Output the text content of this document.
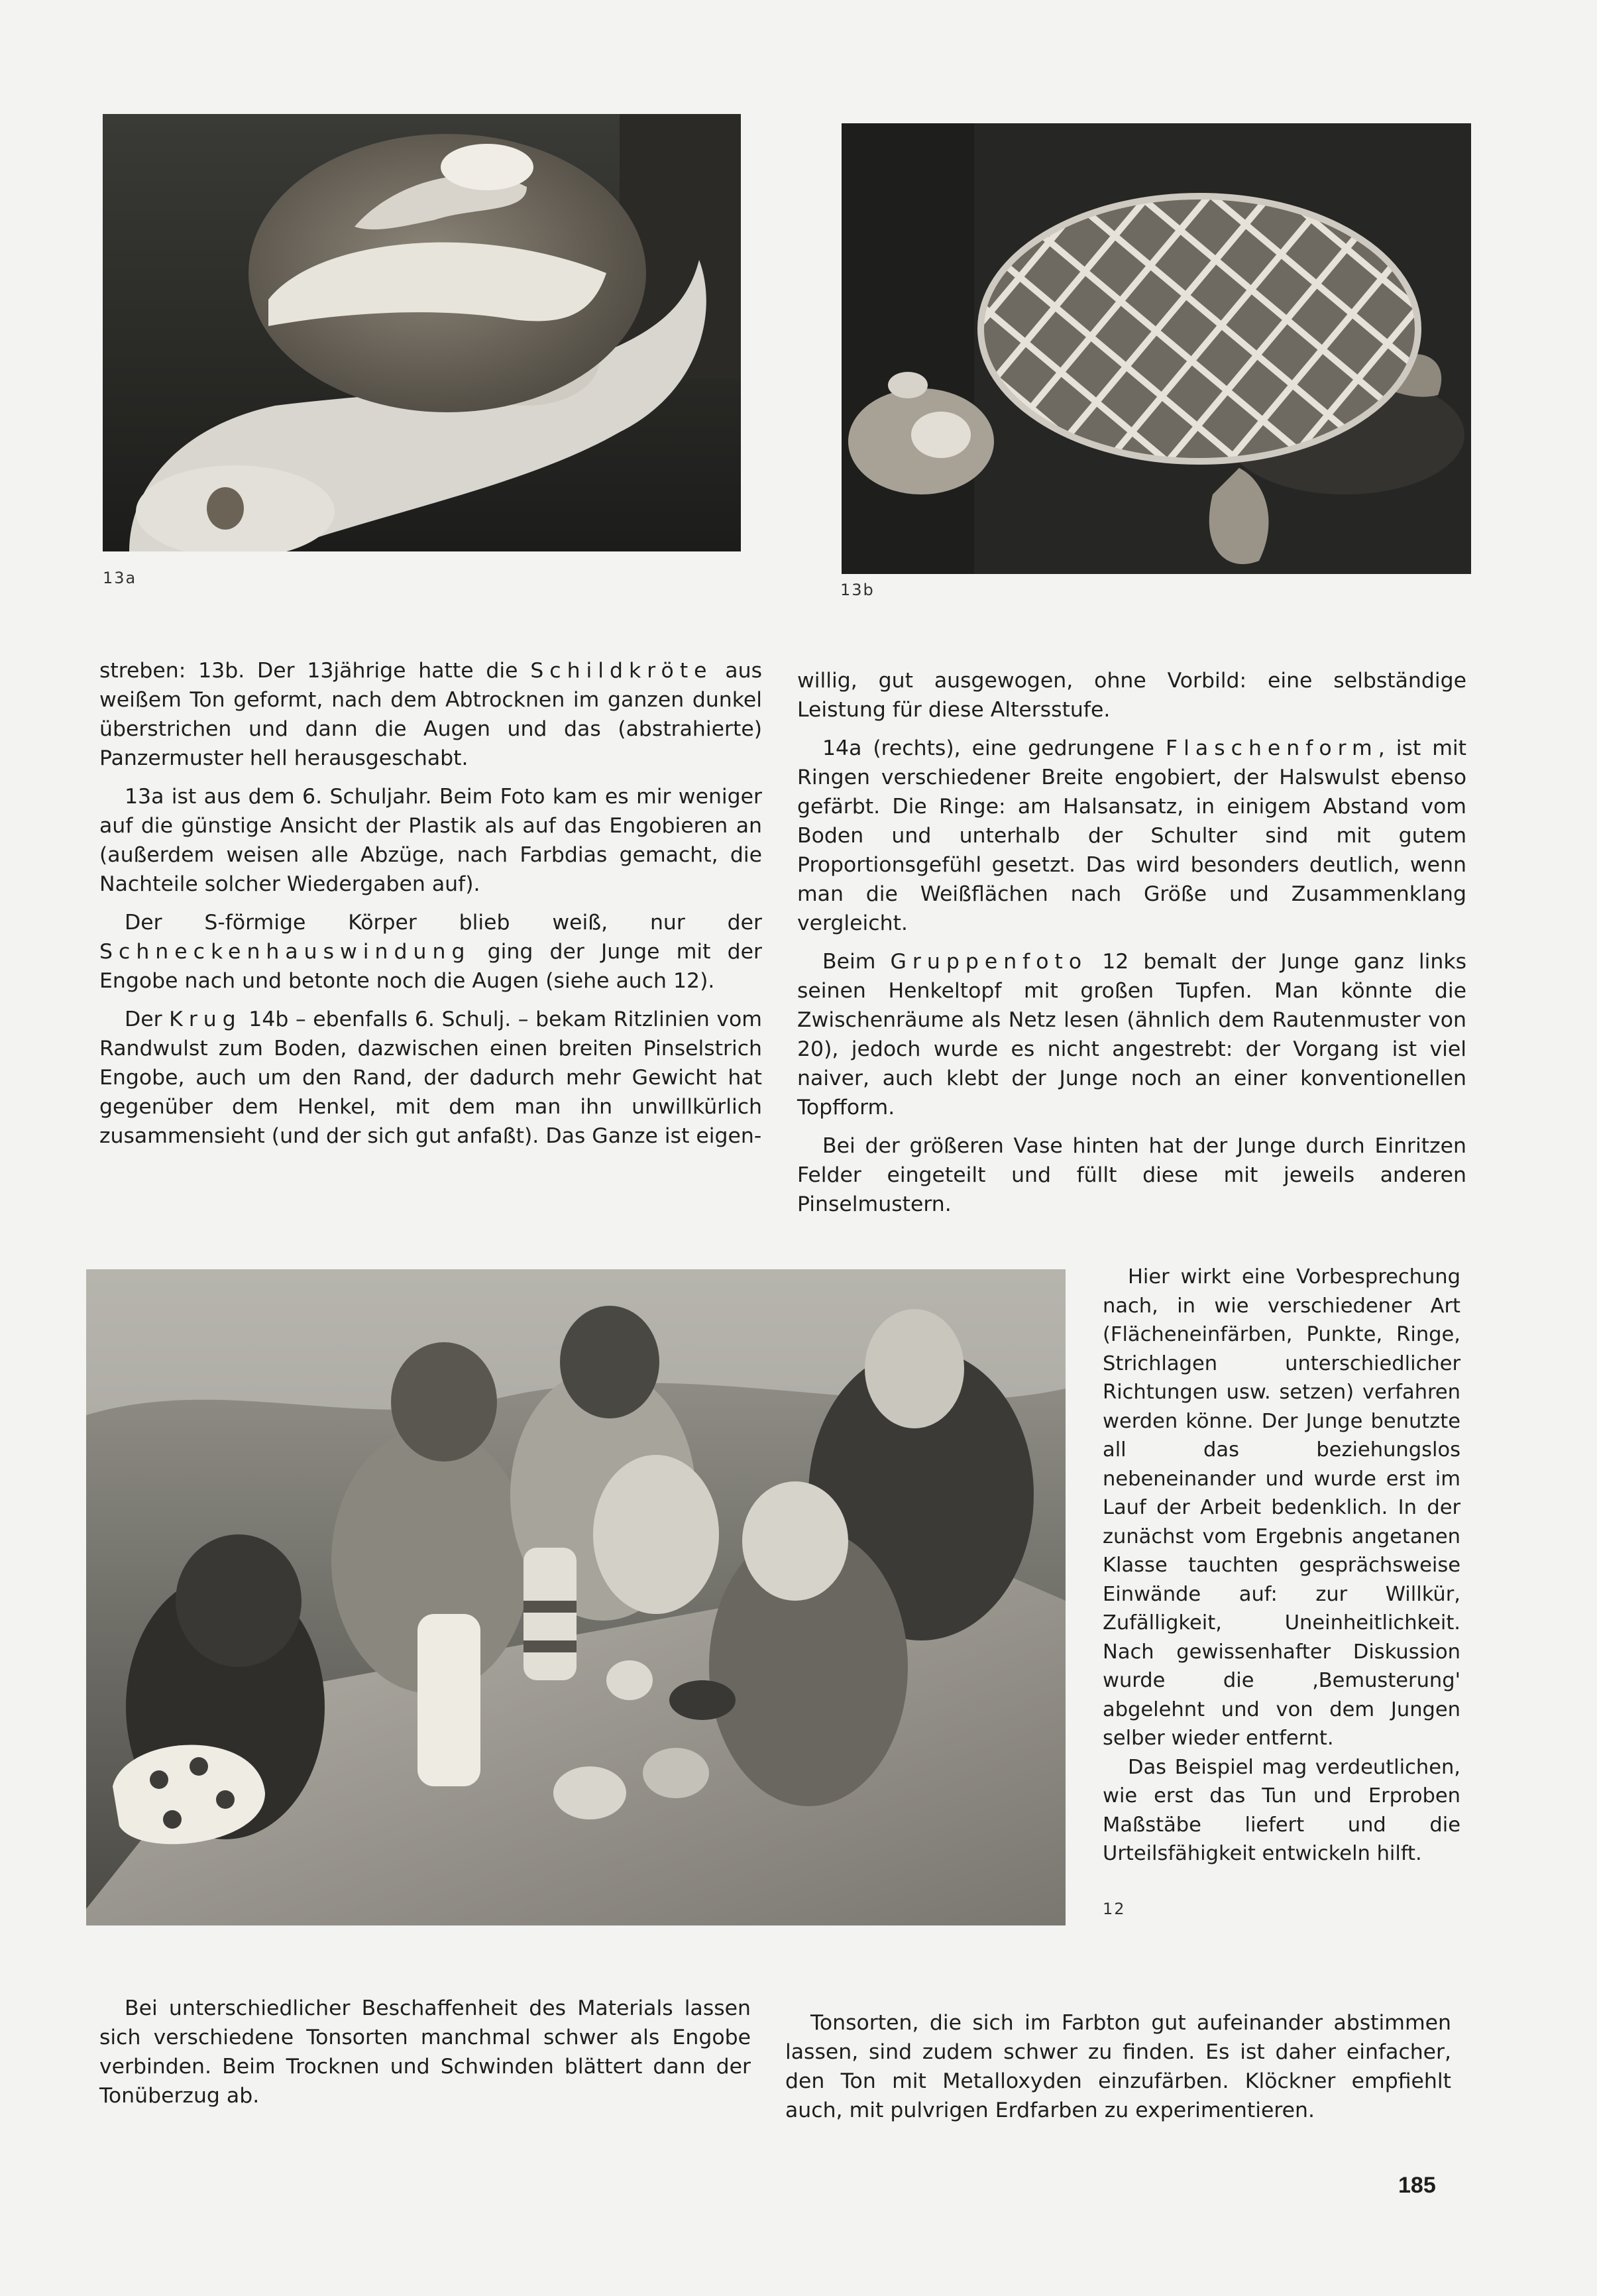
13a
13b

streben: 13b. Der 13jährige hatte die Schildkröte aus weißem Ton geformt, nach dem Abtrocknen im ganzen dunkel überstrichen und dann die Augen und das (abstrahierte) Panzermuster hell herausgeschabt.

13a ist aus dem 6. Schuljahr. Beim Foto kam es mir weniger auf die günstige Ansicht der Plastik als auf das Engobieren an (außerdem weisen alle Abzüge, nach Farbdias gemacht, die Nachteile solcher Wiedergaben auf).

Der S-förmige Körper blieb weiß, nur der Schneckenhauswindung ging der Junge mit der Engobe nach und betonte noch die Augen (siehe auch 12).

Der Krug 14b – ebenfalls 6. Schulj. – bekam Ritzlinien vom Randwulst zum Boden, dazwischen einen breiten Pinselstrich Engobe, auch um den Rand, der dadurch mehr Gewicht hat gegenüber dem Henkel, mit dem man ihn unwillkürlich zusammensieht (und der sich gut anfaßt). Das Ganze ist eigen-

willig, gut ausgewogen, ohne Vorbild: eine selbständige Leistung für diese Altersstufe.

14a (rechts), eine gedrungene Flaschenform, ist mit Ringen verschiedener Breite engobiert, der Halswulst ebenso gefärbt. Die Ringe: am Halsansatz, in einigem Abstand vom Boden und unterhalb der Schulter sind mit gutem Proportionsgefühl gesetzt. Das wird besonders deutlich, wenn man die Weißflächen nach Größe und Zusammenklang vergleicht.

Beim Gruppenfoto 12 bemalt der Junge ganz links seinen Henkeltopf mit großen Tupfen. Man könnte die Zwischenräume als Netz lesen (ähnlich dem Rautenmuster von 20), jedoch wurde es nicht angestrebt: der Vorgang ist viel naiver, auch klebt der Junge noch an einer konventionellen Topfform.

Bei der größeren Vase hinten hat der Junge durch Einritzen Felder eingeteilt und füllt diese mit jeweils anderen Pinselmustern.

Hier wirkt eine Vorbesprechung nach, in wie verschiedener Art (Flächeneinfärben, Punkte, Ringe, Strichlagen unterschiedlicher Richtungen usw. setzen) verfahren werden könne. Der Junge benutzte all das beziehungslos nebeneinander und wurde erst im Lauf der Arbeit bedenklich. In der zunächst vom Ergebnis angetanen Klasse tauchten gesprächsweise Einwände auf: zur Willkür, Zufälligkeit, Uneinheitlichkeit. Nach gewissenhafter Diskussion wurde die ‚Bemusterung' abgelehnt und von dem Jungen selber wieder entfernt.

Das Beispiel mag verdeutlichen, wie erst das Tun und Erproben Maßstäbe liefert und die Urteilsfähigkeit entwickeln hilft.

12

Bei unterschiedlicher Beschaffenheit des Materials lassen sich verschiedene Tonsorten manchmal schwer als Engobe verbinden. Beim Trocknen und Schwinden blättert dann der Tonüberzug ab.

Tonsorten, die sich im Farbton gut aufeinander abstimmen lassen, sind zudem schwer zu finden. Es ist daher einfacher, den Ton mit Metalloxyden einzufärben. Klöckner empfiehlt auch, mit pulvrigen Erdfarben zu experimentieren.

185
